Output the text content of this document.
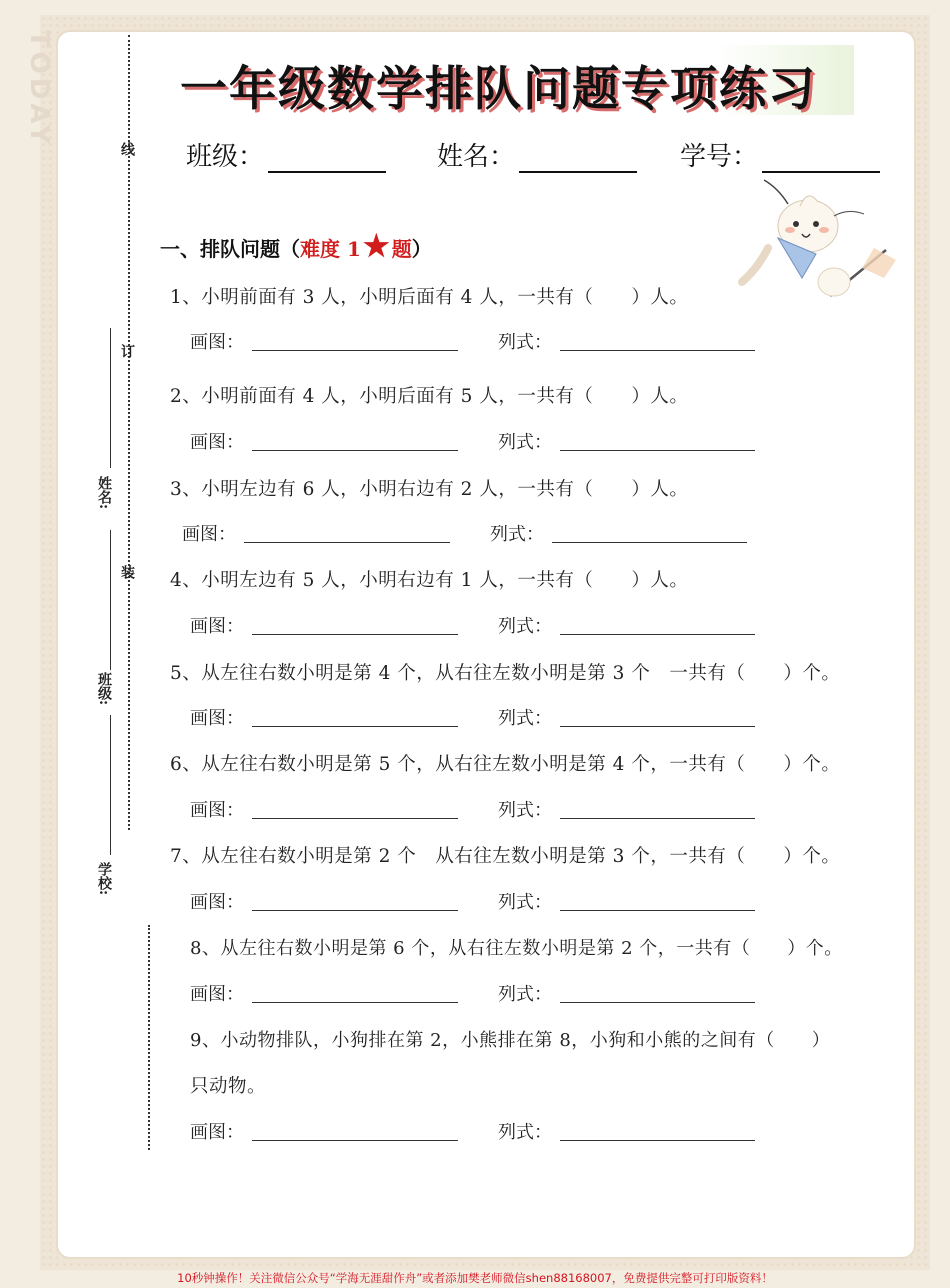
TODAY
线
订
装
姓名:
班级:
学校:
一年级数学排队问题专项练习
班级：	姓名：	学号：
一、排队问题（ 难度 1 ★ 题 ）
1、小明前面有 3 人，小明后面有 4 人，一共有（　　）人。
画图：	列式：
2、小明前面有 4 人，小明后面有 5 人，一共有（　　）人。
画图：	列式：
3、小明左边有 6 人，小明右边有 2 人，一共有（　　）人。
画图：	列式：
4、小明左边有 5 人，小明右边有 1 人，一共有（　　）人。
画图：	列式：
5、从左往右数小明是第 4 个，从右往左数小明是第 3 个　一共有（　　）个。
画图：	列式：
6、从左往右数小明是第 5 个，从右往左数小明是第 4 个，一共有（　　）个。
画图：	列式：
7、从左往右数小明是第 2 个　从右往左数小明是第 3 个，一共有（　　）个。
画图：	列式：
8、从左往右数小明是第 6 个，从右往左数小明是第 2 个，一共有（　　）个。
画图：	列式：
9、小动物排队，小狗排在第 2，小熊排在第 8，小狗和小熊的之间有（　　）
只动物。
画图：	列式：
10秒钟操作！关注微信公众号“学海无涯甜作舟”或者添加樊老师微信shen88168007，免费提供完整可打印版资料！
